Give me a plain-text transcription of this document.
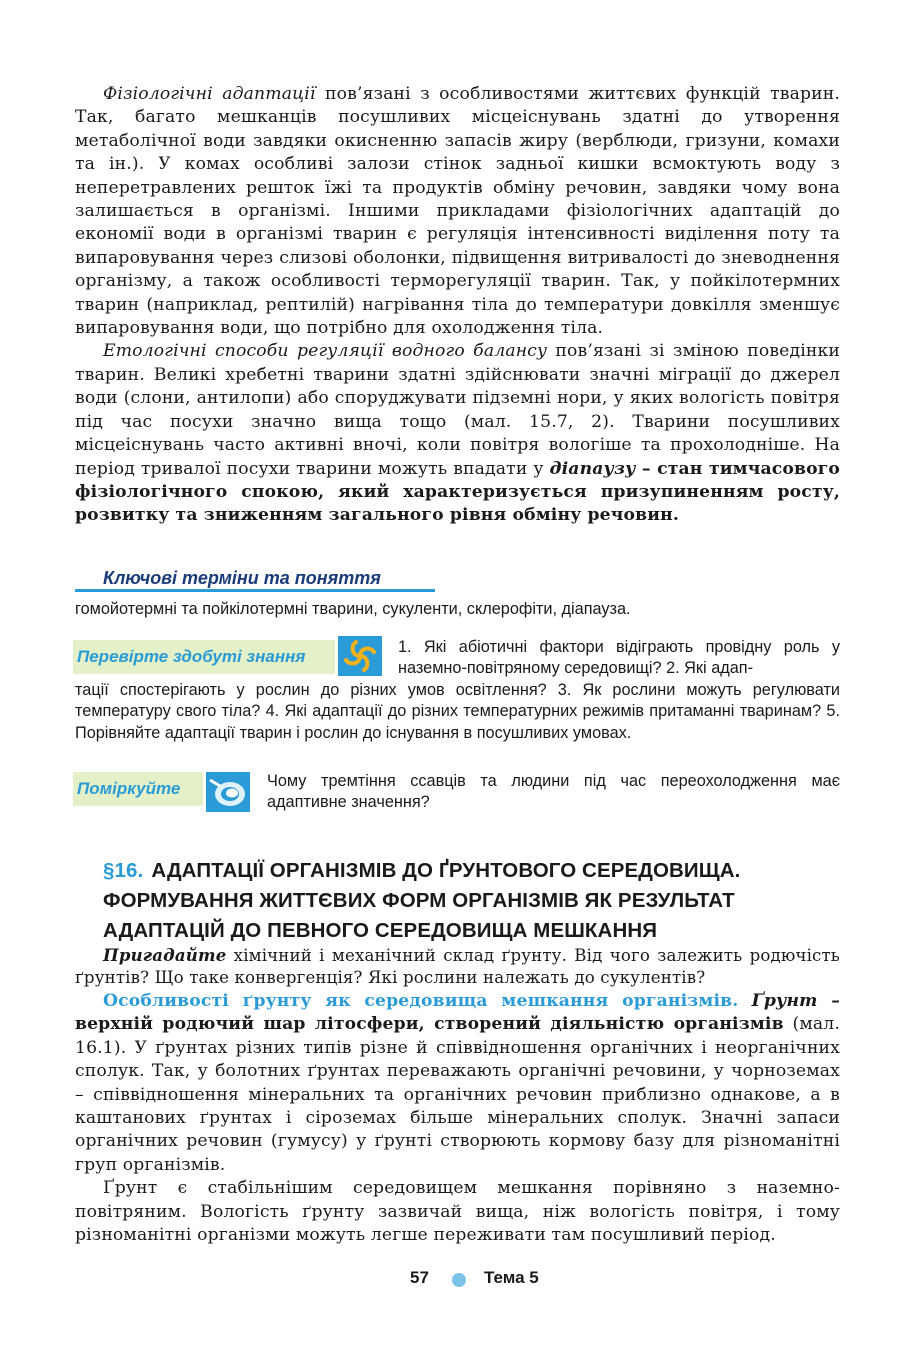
Фізіологічні адаптації пов’язані з особливостями життєвих функцій тварин. Так, багато мешканців посушливих місцеіснувань здатні до утворення метаболічної води завдяки окисненню запасів жиру (верблюди, гризуни, комахи та ін.). У комах особливі залози стінок задньої кишки всмоктують воду з неперетравлених решток їжі та продуктів обміну речовин, завдяки чому вона залишається в організмі. Іншими прикладами фізіологічних адаптацій до економії води в організмі тварин є регуляція інтенсивності виділення поту та випаровування через слизові оболонки, підвищення витривалості до зневоднення організму, а також особливості терморегуляції тварин. Так, у пойкілотермних тварин (наприклад, рептилій) нагрівання тіла до температури довкілля зменшує випаровування води, що потрібно для охолодження тіла.

Етологічні способи регуляції водного балансу пов’язані зі зміною поведінки тварин. Великі хребетні тварини здатні здійснювати значні міграції до джерел води (слони, антилопи) або споруджувати підземні нори, у яких вологість повітря під час посухи значно вища тощо (мал. 15.7, 2). Тварини посушливих місцеіснувань часто активні вночі, коли повітря вологіше та прохолодніше. На період тривалої посухи тварини можуть впадати у діапаузу – стан тимчасового фізіологічного спокою, який характеризується призупиненням росту, розвитку та зниженням загального рівня обміну речовин.

Ключові терміни та поняття
гомойотермні та пойкілотермні тварини, сукуленти, склерофіти, діапауза.
Перевірте здобуті знання	1. Які абіотичні фактори відіграють провідну роль у наземно-повітряному середовищі? 2. Які адап-
тації спостерігають у рослин до різних умов освітлення? 3. Як рослини можуть регулювати температуру свого тіла? 4. Які адаптації до різних температурних режимів притаманні тваринам? 5. Порівняйте адаптації тварин і рослин до існування в посушливих умовах.
Поміркуйте	Чому тремтіння ссавців та людини під час переохолодження має адаптивне значення?
§16. АДАПТАЦІЇ ОРГАНІЗМІВ ДО ҐРУНТОВОГО СЕРЕДОВИЩА. ФОРМУВАННЯ ЖИТТЄВИХ ФОРМ ОРГАНІЗМІВ ЯК РЕЗУЛЬТАТ АДАПТАЦІЙ ДО ПЕВНОГО СЕРЕДОВИЩА МЕШКАННЯ

Пригадайте хімічний і механічний склад ґрунту. Від чого залежить родючість ґрунтів? Що таке конвергенція? Які рослини належать до сукулентів?

Особливості ґрунту як середовища мешкання організмів. Ґрунт – верхній родючий шар літосфери, створений діяльністю організмів (мал. 16.1). У ґрунтах різних типів різне й співвідношення органічних і неорганічних сполук. Так, у болотних ґрунтах переважають органічні речовини, у чорноземах – співвідношення мінеральних та органічних речовин приблизно однакове, а в каштанових ґрунтах і сіроземах більше мінеральних сполук. Значні запаси органічних речовин (гумусу) у ґрунті створюють кормову базу для різноманітні груп організмів.

Ґрунт є стабільнішим середовищем мешкання порівняно з наземно-повітряним. Вологість ґрунту зазвичай вища, ніж вологість повітря, і тому різноманітні організми можуть легше переживати там посушливий період.

57	Тема 5
